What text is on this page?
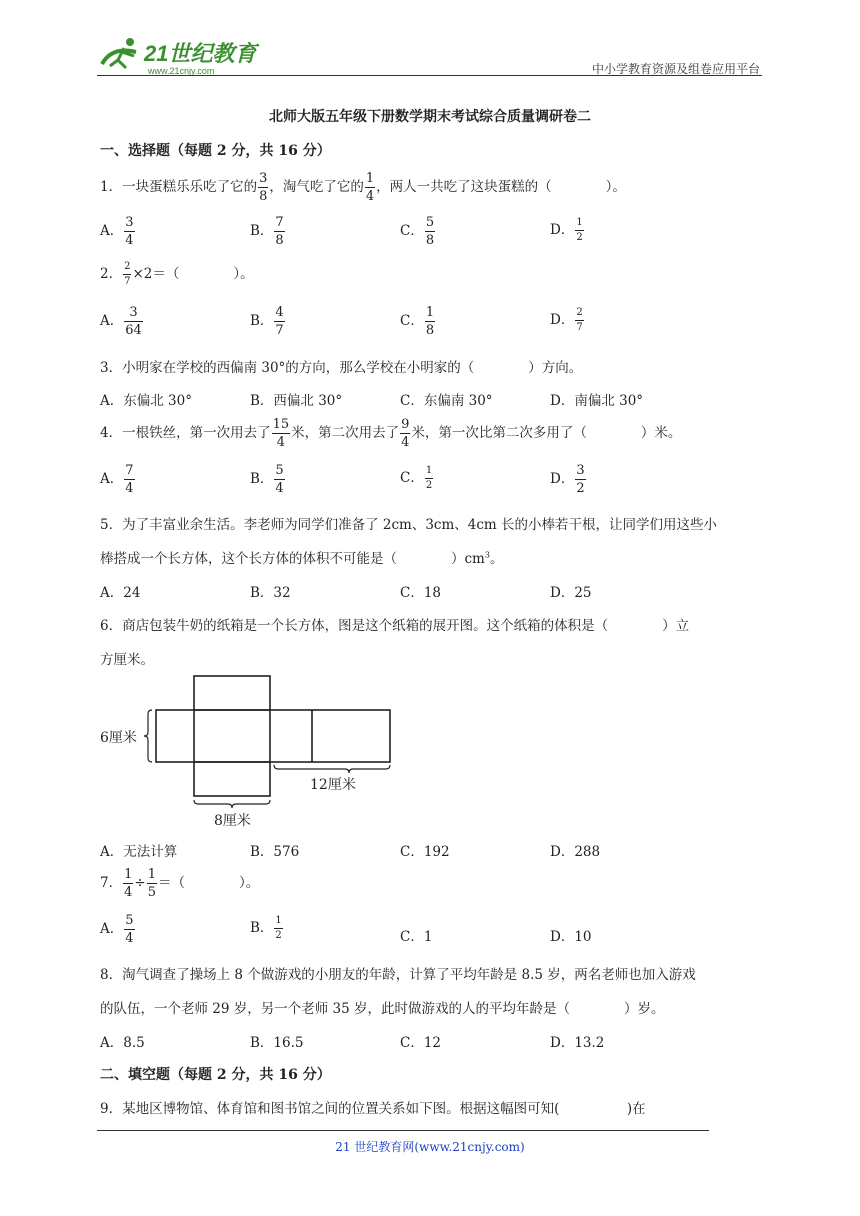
21世纪教育
www.21cnjy.com	中小学教育资源及组卷应用平台
北师大版五年级下册数学期末考试综合质量调研卷二
一、选择题（每题 2 分，共 16 分）
1．一块蛋糕乐乐吃了它的 $\frac{3}{8}$ ，淘气吃了它的 $\frac{1}{4}$ ，两人一共吃了这块蛋糕的（　　　　）。
A． $\frac{3}{4}$	B． $\frac{7}{8}$	C． $\frac{5}{8}$	D． $\frac{1}{2}$
2． $\frac{2}{7} \times 2=$（　　　　）。
A． $\frac{3}{64}$	B． $\frac{4}{7}$	C． $\frac{1}{8}$	D． $\frac{2}{7}$
3．小明家在学校的西偏南 30°的方向，那么学校在小明家的（　　　　）方向。
A．东偏北 30°	B．西偏北 30°	C．东偏南 30°	D．南偏北 30°
4．一根铁丝，第一次用去了 $\frac{15}{4}$ 米，第二次用去了 $\frac{9}{4}$ 米，第一次比第二次多用了（　　　　）米。
A． $\frac{7}{4}$	B． $\frac{5}{4}$	C． $\frac{1}{2}$	D． $\frac{3}{2}$
5．为了丰富业余生活。李老师为同学们准备了 2cm、3cm、4cm 长的小棒若干根，让同学们用这些小
棒搭成一个长方体，这个长方体的体积不可能是（　　　　）$cm^3$。
A．24	B．32	C．18	D．25
6．商店包装牛奶的纸箱是一个长方体，图是这个纸箱的展开图。这个纸箱的体积是（　　　　）立
方厘米。
6厘米
12厘米
8厘米
A．无法计算	B．576	C．192	D．288
7． $\frac{1}{4} \div \frac{1}{5}$ ＝（　　　　）。
A． $\frac{5}{4}$	B． $\frac{1}{2}$	C．1	D．10
8．淘气调查了操场上 8 个做游戏的小朋友的年龄，计算了平均年龄是 8.5 岁，两名老师也加入游戏
的队伍，一个老师 29 岁，另一个老师 35 岁，此时做游戏的人的平均年龄是（　　　　）岁。
A．8.5	B．16.5	C．12	D．13.2
二、填空题（每题 2 分，共 16 分）
9．某地区博物馆、体育馆和图书馆之间的位置关系如下图。根据这幅图可知(　　　　　)在
21 世纪教育网(www.21cnjy.com)
